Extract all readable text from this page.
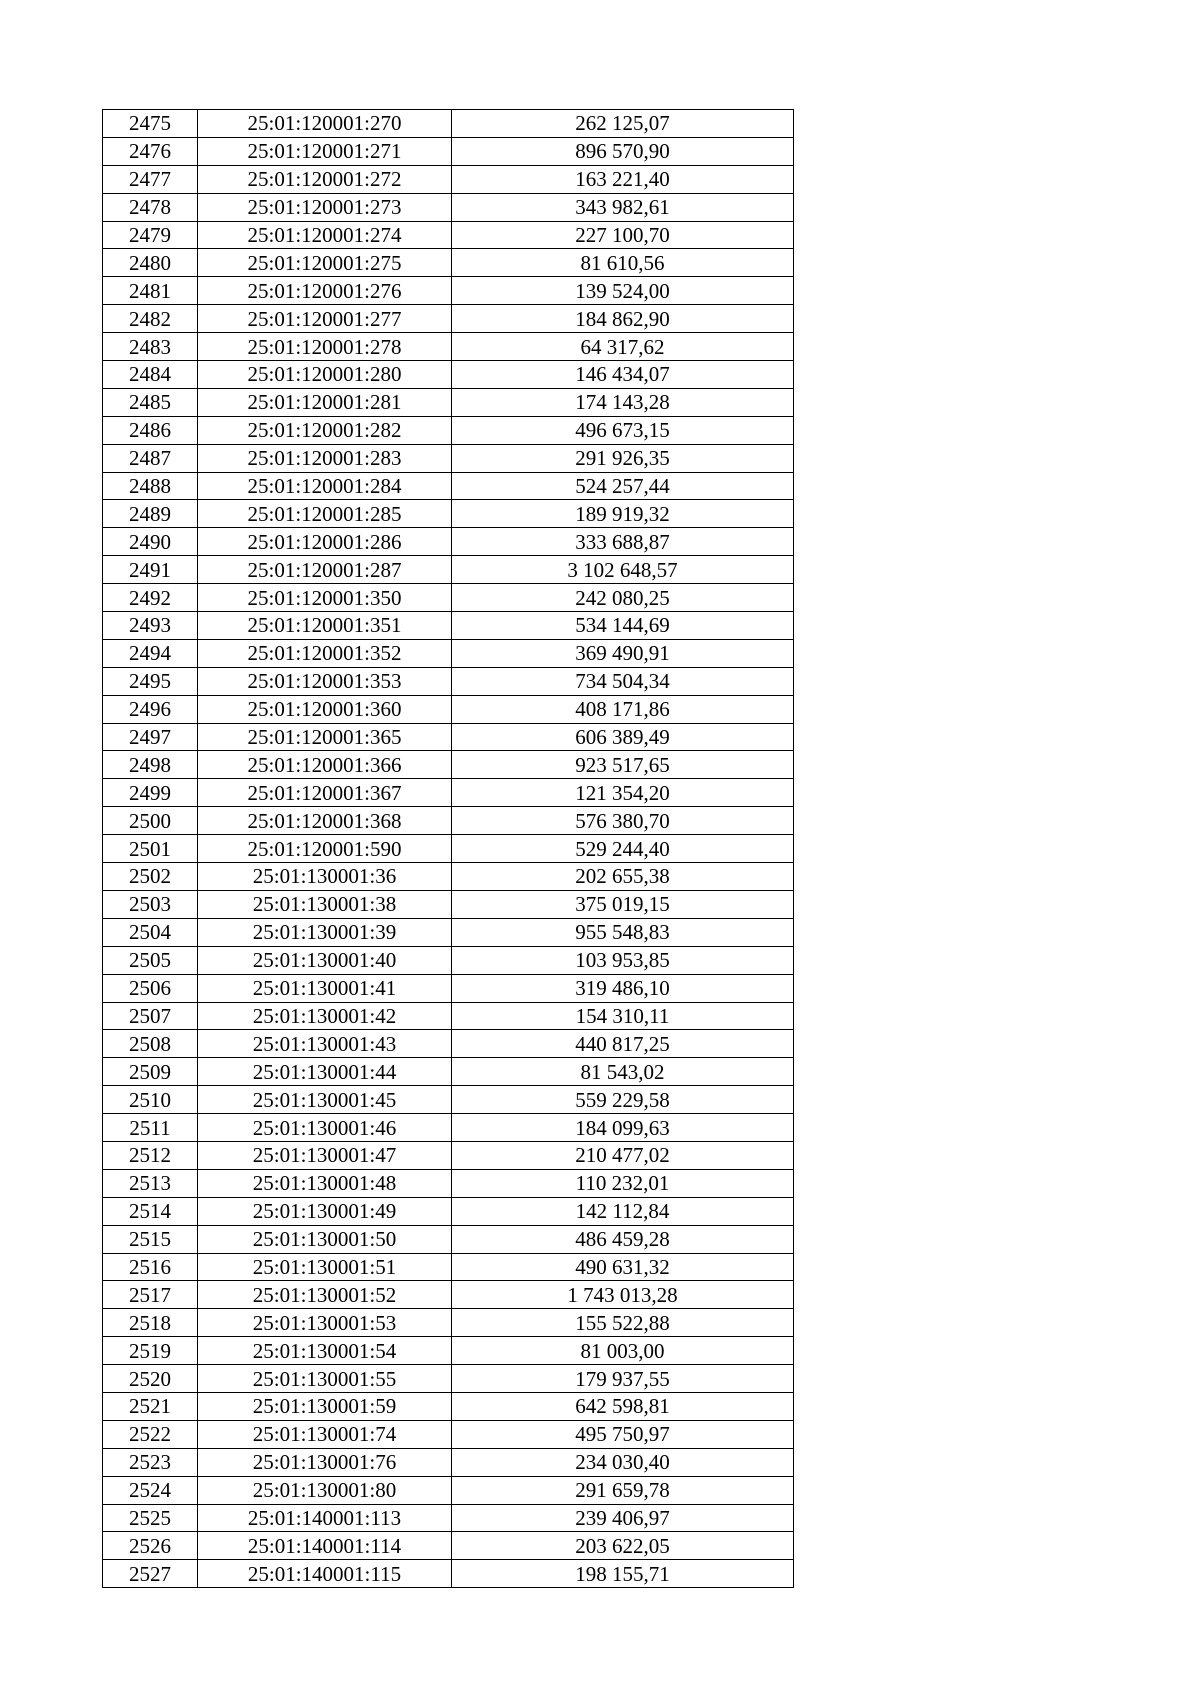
2475	25:01:120001:270	262 125,07
2476	25:01:120001:271	896 570,90
2477	25:01:120001:272	163 221,40
2478	25:01:120001:273	343 982,61
2479	25:01:120001:274	227 100,70
2480	25:01:120001:275	81 610,56
2481	25:01:120001:276	139 524,00
2482	25:01:120001:277	184 862,90
2483	25:01:120001:278	64 317,62
2484	25:01:120001:280	146 434,07
2485	25:01:120001:281	174 143,28
2486	25:01:120001:282	496 673,15
2487	25:01:120001:283	291 926,35
2488	25:01:120001:284	524 257,44
2489	25:01:120001:285	189 919,32
2490	25:01:120001:286	333 688,87
2491	25:01:120001:287	3 102 648,57
2492	25:01:120001:350	242 080,25
2493	25:01:120001:351	534 144,69
2494	25:01:120001:352	369 490,91
2495	25:01:120001:353	734 504,34
2496	25:01:120001:360	408 171,86
2497	25:01:120001:365	606 389,49
2498	25:01:120001:366	923 517,65
2499	25:01:120001:367	121 354,20
2500	25:01:120001:368	576 380,70
2501	25:01:120001:590	529 244,40
2502	25:01:130001:36	202 655,38
2503	25:01:130001:38	375 019,15
2504	25:01:130001:39	955 548,83
2505	25:01:130001:40	103 953,85
2506	25:01:130001:41	319 486,10
2507	25:01:130001:42	154 310,11
2508	25:01:130001:43	440 817,25
2509	25:01:130001:44	81 543,02
2510	25:01:130001:45	559 229,58
2511	25:01:130001:46	184 099,63
2512	25:01:130001:47	210 477,02
2513	25:01:130001:48	110 232,01
2514	25:01:130001:49	142 112,84
2515	25:01:130001:50	486 459,28
2516	25:01:130001:51	490 631,32
2517	25:01:130001:52	1 743 013,28
2518	25:01:130001:53	155 522,88
2519	25:01:130001:54	81 003,00
2520	25:01:130001:55	179 937,55
2521	25:01:130001:59	642 598,81
2522	25:01:130001:74	495 750,97
2523	25:01:130001:76	234 030,40
2524	25:01:130001:80	291 659,78
2525	25:01:140001:113	239 406,97
2526	25:01:140001:114	203 622,05
2527	25:01:140001:115	198 155,71
